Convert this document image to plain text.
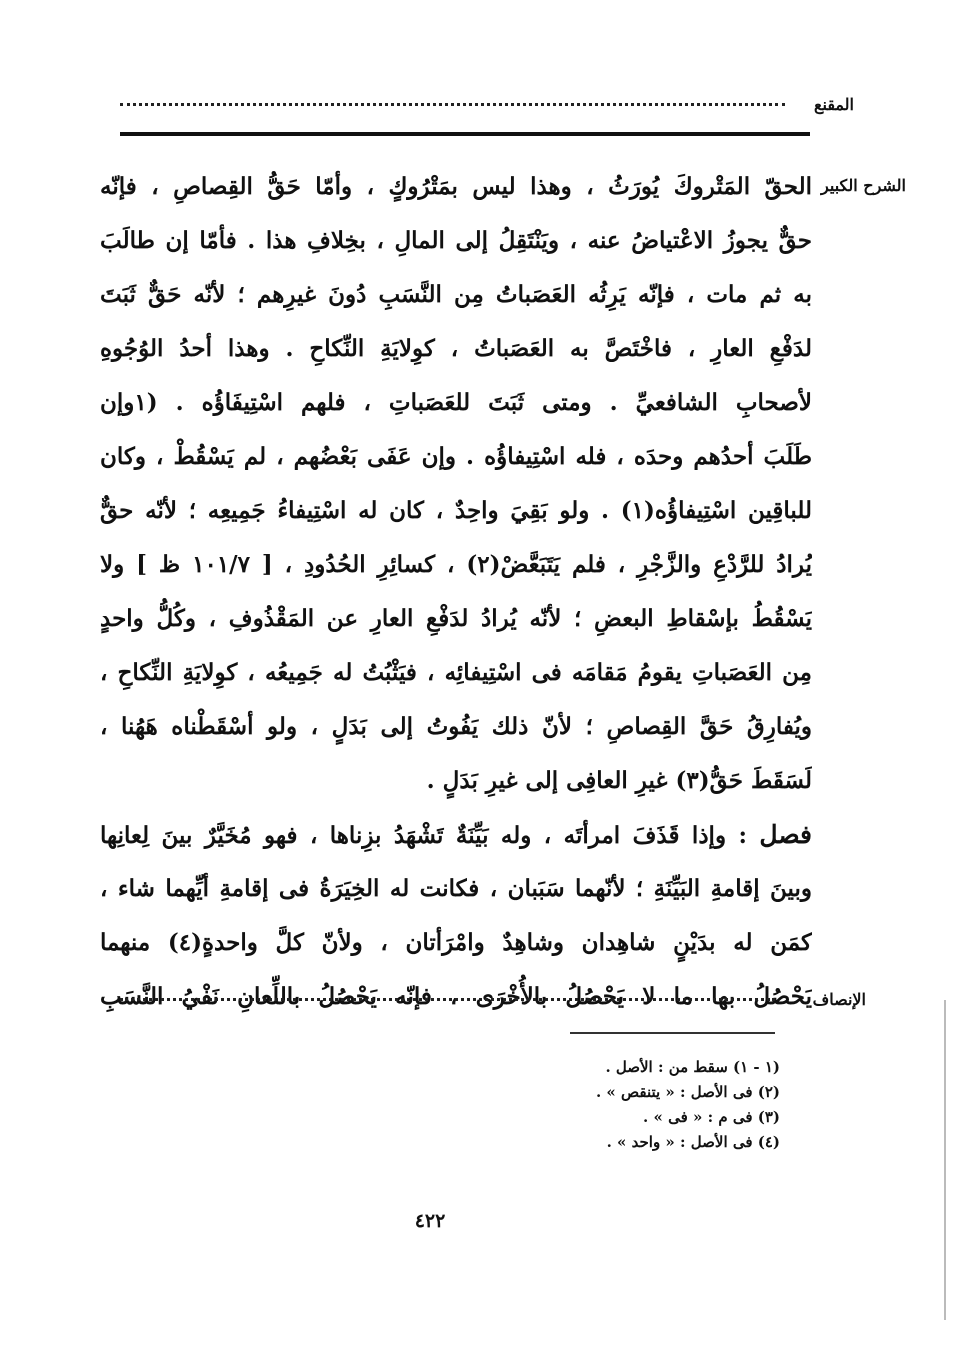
المقنع
الشرح الكبير
الحقّ المَتْروكَ يُورَثُ ، وهذا ليس بمَتْرُوكٍ ، وأمّا حَقُّ القِصاصِ ، فإنّه
حقٌّ يجوزُ الاعْتياضُ عنه ، ويَنْتَقِلُ إلى المالِ ، بخِلافِ هذا . فأمّا إن طالَبَ
به ثم مات ، فإنّه يَرِثُه العَصَباتُ مِن النَّسَبِ دُونَ غيرِهم ؛ لأنّه حَقٌّ ثَبَتَ
لدَفْعِ العارِ ، فاخْتَصَّ به العَصَباتُ ، كوِلايَةِ النِّكاحِ . وهذا أحدُ الوُجُوهِ
لأصحابِ الشافعيِّ . ومتى ثَبَتَ للعَصَباتِ ، فلهم اسْتِيفَاؤُه . (١وإن
طَلَبَ أحدُهم وحدَه ، فله اسْتِيفاؤُه . وإن عَفَى بَعْضُهم ، لم يَسْقُطْ ، وكان
للباقِين اسْتِيفاؤُه(١) . ولو بَقِيَ واحِدٌ ، كان له اسْتِيفاءُ جَمِيعِه ؛ لأنّه حقٌّ
يُرادُ للرَّدْعِ والزَّجْرِ ، فلم يَتَبَعَّضْ(٢) ، كسائِرِ الحُدُودِ ، [ ١٠١/٧ ظ ] ولا
يَسْقُطُ بإسْقاطِ البعضِ ؛ لأنّه يُرادُ لدَفْعِ العارِ عن المَقْذُوفِ ، وكُلُّ واحدٍ
مِن العَصَباتِ يقومُ مَقامَه فى اسْتِيفائِه ، فيَثْبُتُ له جَمِيعُه ، كوِلايَةِ النِّكاحِ ،
ويُفارِقُ حَقَّ القِصاصِ ؛ لأنّ ذلك يَفُوتُ إلى بَدَلٍ ، ولو أسْقَطْناه هَهُنا ،
لَسَقَطَ حَقُّ(٣) غيرِ العافِى إلى غيرِ بَدَلٍ .
فصل : وإذا قَذَفَ امرأتَه ، وله بَيِّنَةٌ تَشْهَدُ بزِناها ، فهو مُخَيَّرٌ بينَ لِعانِها
وبينَ إقامةِ البَيِّنَةِ ؛ لأنّهما سَبَبان ، فكانت له الخِيَرَةُ فى إقامةِ أيِّهما شاء ،
كمَن له بدَيْنٍ شاهِدان وشاهِدٌ وامْرَأتان ، ولأنّ كلَّ واحدةٍ(٤) منهما
يَحْصُلُ بها ما لا يَحْصُلُ بالأُخْرَى ، فإنّه يَحْصُلُ باللِّعانِ نَفْيُ النَّسَبِ الإنصاف
(١ - ١) سقط من : الأصل .
(٢) فى الأصل : « يتنقص » .
(٣) فى م : « فى » .
(٤) فى الأصل : « واحد » .
٤٢٢
